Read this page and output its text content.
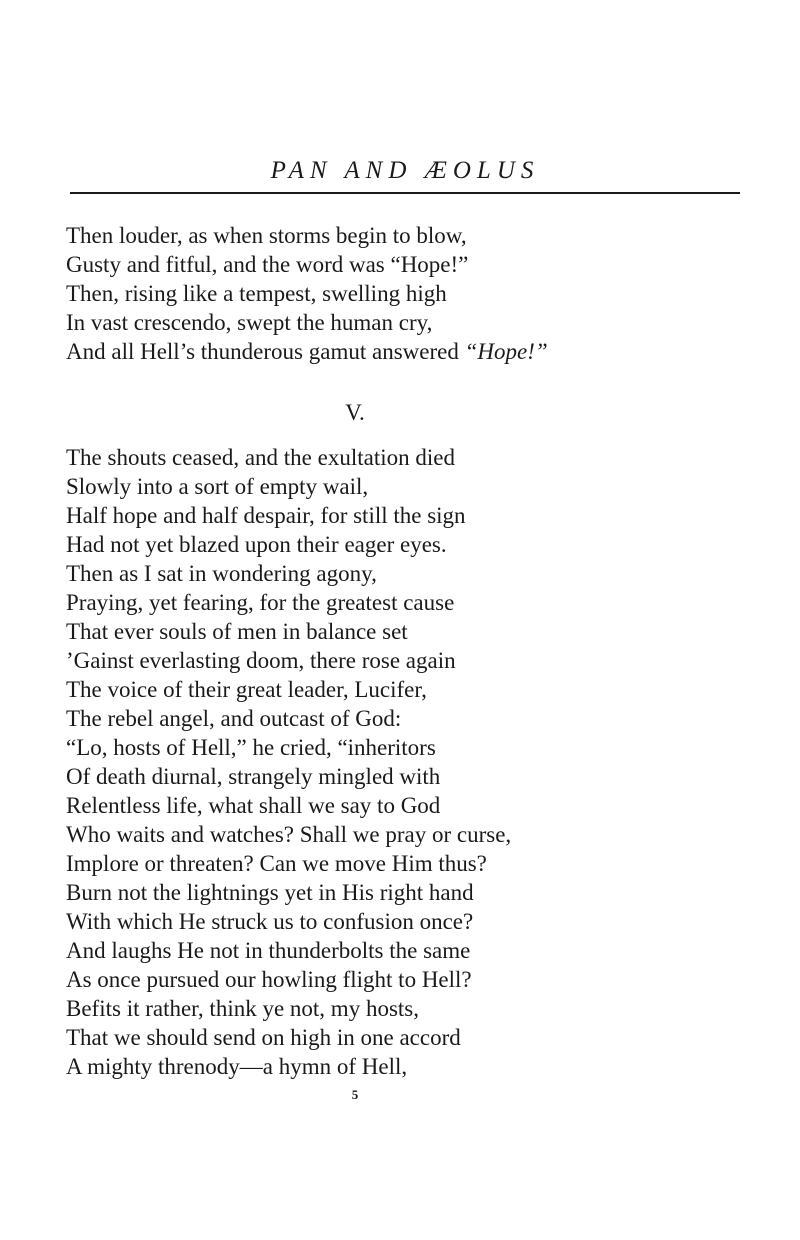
PAN AND ÆOLUS
Then louder, as when storms begin to blow,
Gusty and fitful, and the word was “Hope!”
Then, rising like a tempest, swelling high
In vast crescendo, swept the human cry,
And all Hell’s thunderous gamut answered “Hope!”
V.
The shouts ceased, and the exultation died
Slowly into a sort of empty wail,
Half hope and half despair, for still the sign
Had not yet blazed upon their eager eyes.
Then as I sat in wondering agony,
Praying, yet fearing, for the greatest cause
That ever souls of men in balance set
’Gainst everlasting doom, there rose again
The voice of their great leader, Lucifer,
The rebel angel, and outcast of God:
“Lo, hosts of Hell,” he cried, “inheritors
Of death diurnal, strangely mingled with
Relentless life, what shall we say to God
Who waits and watches? Shall we pray or curse,
Implore or threaten? Can we move Him thus?
Burn not the lightnings yet in His right hand
With which He struck us to confusion once?
And laughs He not in thunderbolts the same
As once pursued our howling flight to Hell?
Befits it rather, think ye not, my hosts,
That we should send on high in one accord
A mighty threnody—a hymn of Hell,
5
